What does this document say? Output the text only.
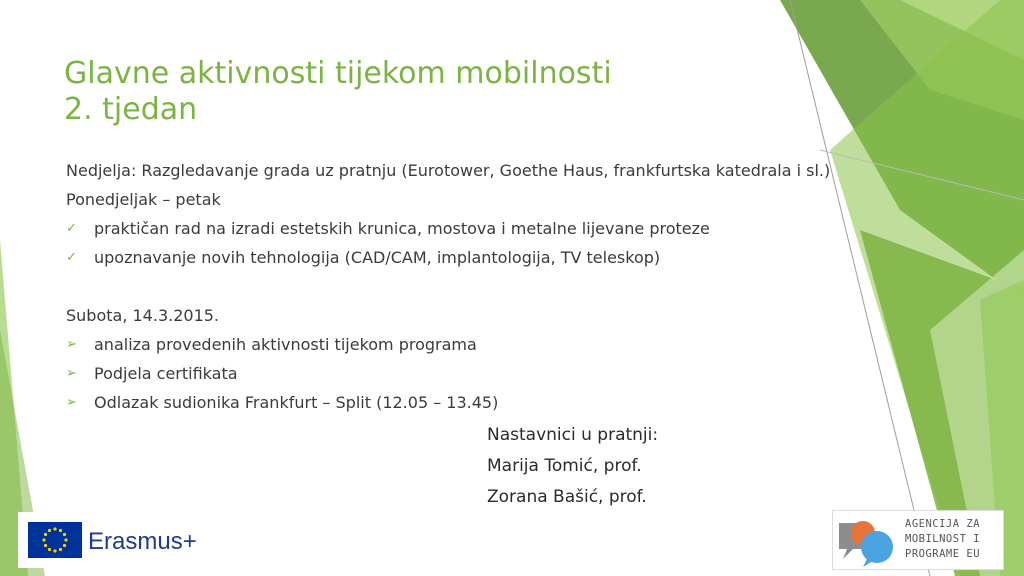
Glavne aktivnosti tijekom mobilnosti
2. tjedan
Nedjelja: Razgledavanje grada uz pratnju (Eurotower, Goethe Haus, frankfurtska katedrala i sl.)
Ponedjeljak – petak
✓	praktičan rad na izradi estetskih krunica, mostova i metalne lijevane proteze
✓	upoznavanje novih tehnologija (CAD/CAM, implantologija, TV teleskop)
Subota, 14.3.2015.
➢	analiza provedenih aktivnosti tijekom programa
➢	Podjela certifikata
➢	Odlazak sudionika Frankfurt – Split (12.05 – 13.45)
Nastavnici u pratnji:
Marija Tomić, prof.
Zorana Bašić, prof.
Erasmus+
AGENCIJA ZA
MOBILNOST I
PROGRAME EU
